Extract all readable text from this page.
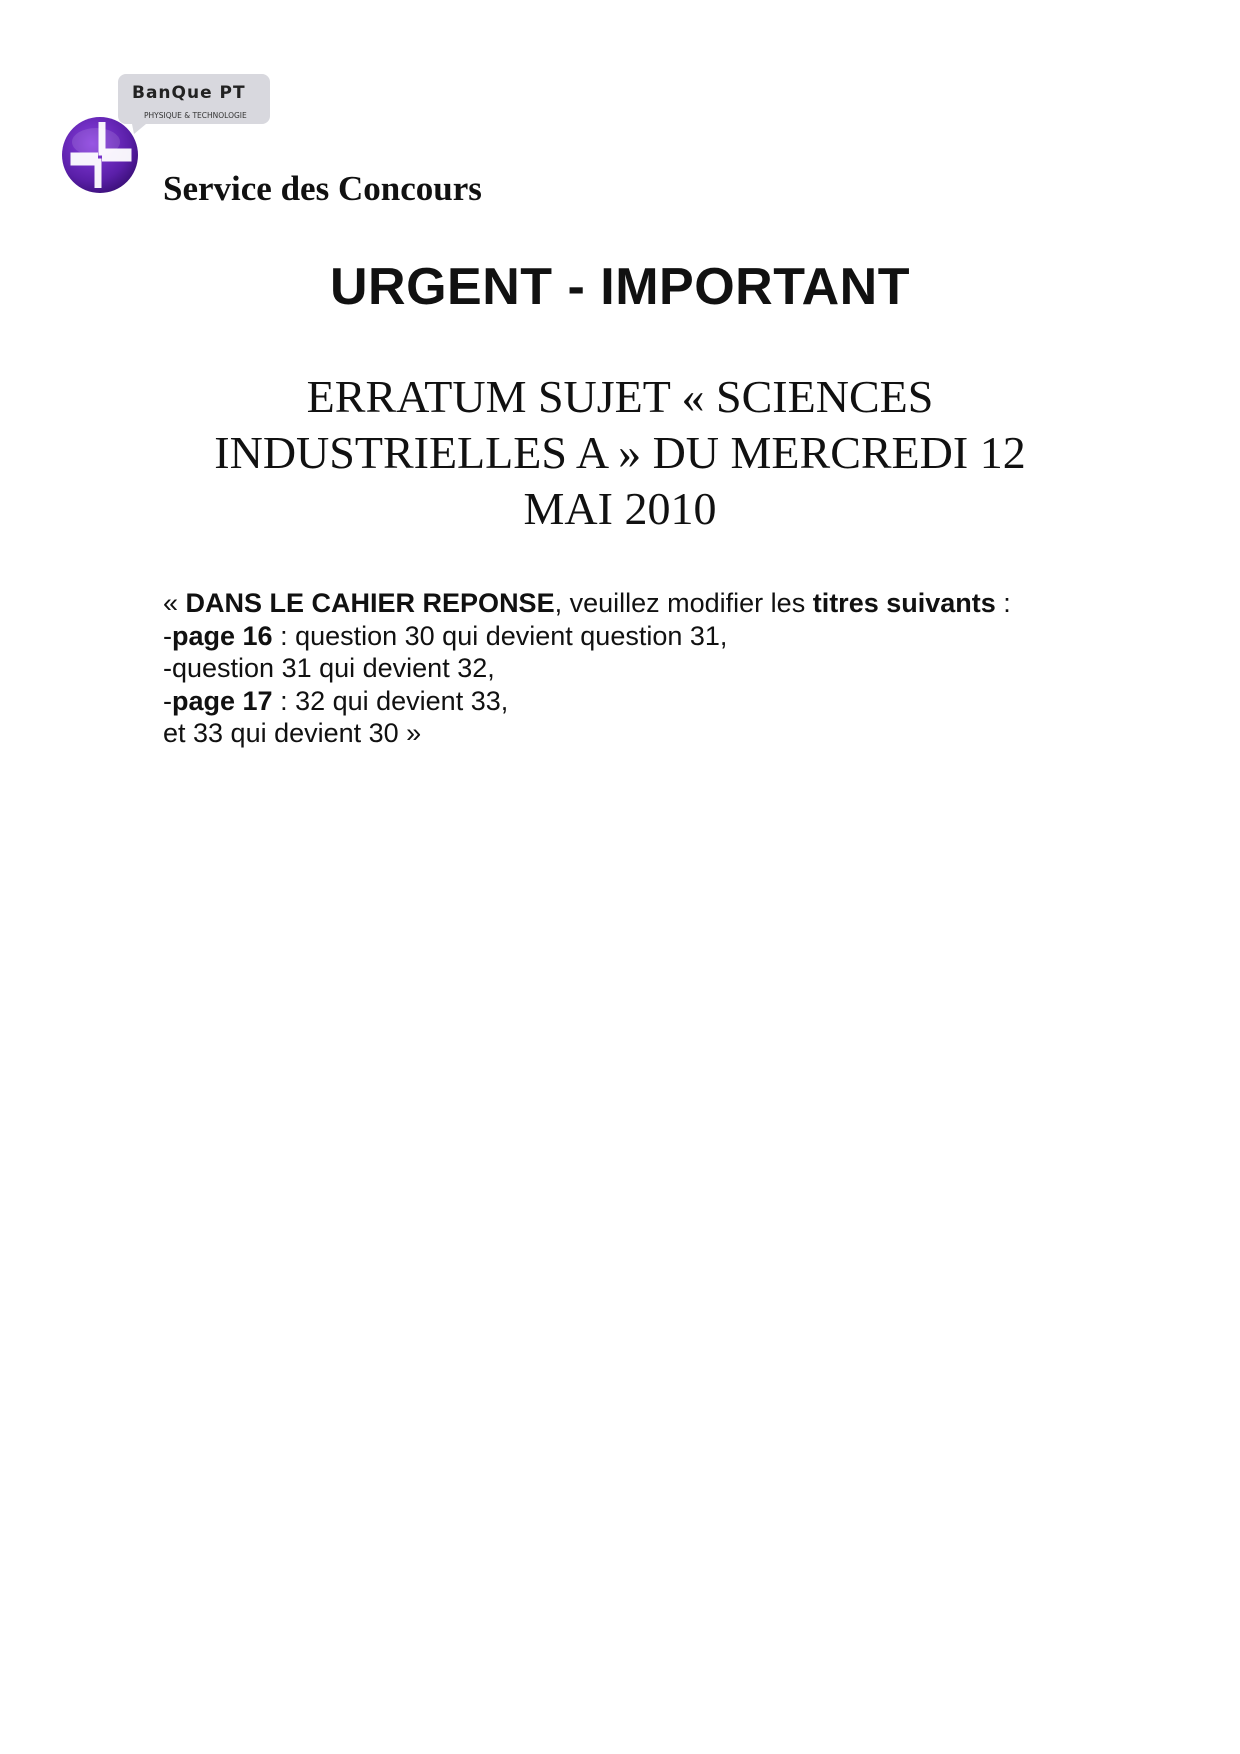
BanQue PT
PHYSIQUE & TECHNOLOGIE
Service des Concours
URGENT - IMPORTANT
ERRATUM SUJET « SCIENCES
INDUSTRIELLES A » DU MERCREDI 12
MAI 2010

« DANS LE CAHIER REPONSE, veuillez modifier les titres suivants :
-page 16 : question 30 qui devient question 31,
-question 31 qui devient 32,
-page 17 : 32 qui devient 33,
et 33 qui devient 30 »
